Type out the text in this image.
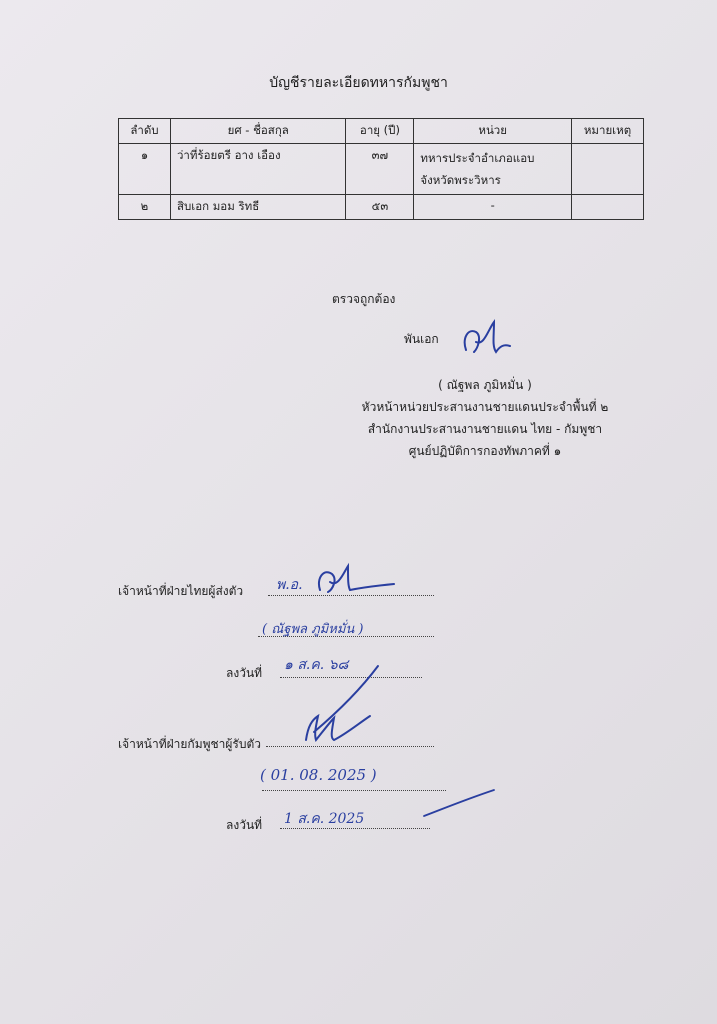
บัญชีรายละเอียดทหารกัมพูชา
ลำดับ	ยศ - ชื่อสกุล	อายุ (ปี)	หน่วย	หมายเหตุ
๑	ว่าที่ร้อยตรี อาง เอือง	๓๗	ทหารประจำอำเภอแอบ
จังหวัดพระวิหาร	

๒	สิบเอก มอม ริทธี	๕๓	-	
ตรวจถูกต้อง
พันเอก
( ณัฐพล ภูมิหมั่น )
หัวหน้าหน่วยประสานงานชายแดนประจำพื้นที่ ๒
สำนักงานประสานงานชายแดน ไทย - กัมพูชา
ศูนย์ปฏิบัติการกองทัพภาคที่ ๑
เจ้าหน้าที่ฝ่ายไทยผู้ส่งตัว พ.อ.
( ณัฐพล ภูมิหมั่น )
ลงวันที่ ๑ ส.ค. ๖๘
เจ้าหน้าที่ฝ่ายกัมพูชาผู้รับตัว
( 01. 08. 2025 )
ลงวันที่ 1 ส.ค. 2025
